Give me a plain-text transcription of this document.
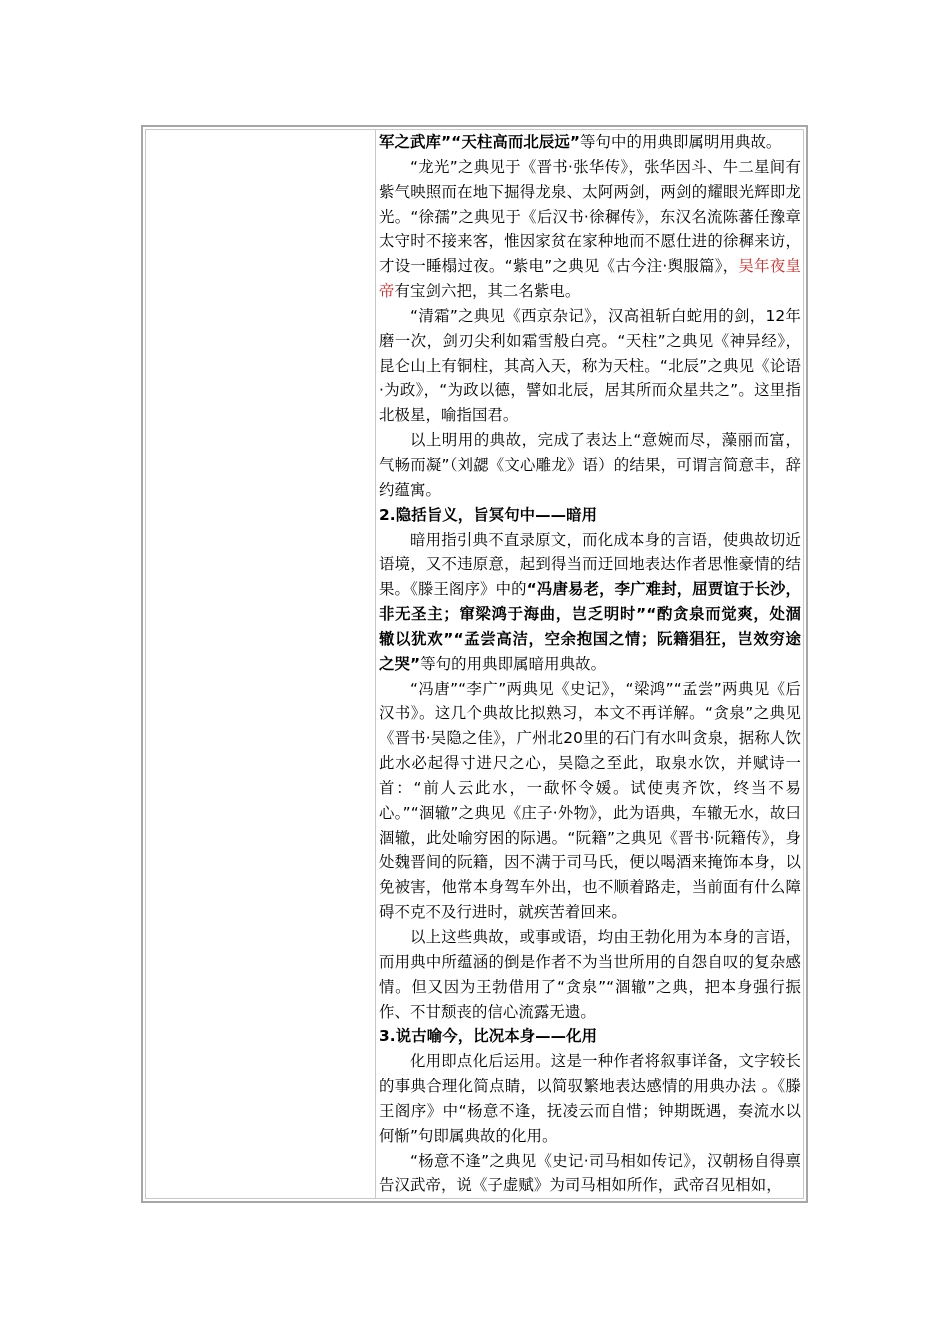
军之武库”“天柱高而北辰远”等句中的用典即属明用典故。

“龙光”之典见于《晋书·张华传》，张华因斗、牛二星间有紫气映照而在地下掘得龙泉、太阿两剑，两剑的耀眼光辉即龙光。“徐孺”之典见于《后汉书·徐穉传》，东汉名流陈蕃任豫章太守时不接来客，惟因家贫在家种地而不愿仕进的徐穉来访，才设一睡榻过夜。“紫电”之典见《古今注·舆服篇》，吴年夜皇帝有宝剑六把，其二名紫电。

“清霜”之典见《西京杂记》，汉高祖斩白蛇用的剑，12年磨一次，剑刃尖利如霜雪般白亮。“天柱”之典见《神异经》，昆仑山上有铜柱，其高入天，称为天柱。“北辰”之典见《论语·为政》，“为政以德，譬如北辰，居其所而众星共之”。这里指北极星，喻指国君。

以上明用的典故，完成了表达上“意婉而尽，藻丽而富，气畅而凝”（刘勰《文心雕龙》语）的结果，可谓言简意丰，辞约蕴寓。

2.隐括旨义，旨冥句中——暗用

暗用指引典不直录原文，而化成本身的言语，使典故切近语境，又不违原意，起到得当而迂回地表达作者思惟豪情的结果。《滕王阁序》中的“冯唐易老，李广难封，屈贾谊于长沙，非无圣主；窜梁鸿于海曲，岂乏明时”“酌贪泉而觉爽，处涸辙以犹欢”“孟尝高洁，空余抱国之情；阮籍猖狂，岂效穷途之哭”等句的用典即属暗用典故。

“冯唐”“李广”两典见《史记》，“梁鸿”“孟尝”两典见《后汉书》。这几个典故比拟熟习，本文不再详解。“贪泉”之典见《晋书·吴隐之佳》，广州北20里的石门有水叫贪泉，据称人饮此水必起得寸进尺之心，吴隐之至此，取泉水饮，并赋诗一首：“前人云此水，一歃怀令媛。试使夷齐饮，终当不易心。”“涸辙”之典见《庄子·外物》，此为语典，车辙无水，故曰涸辙，此处喻穷困的际遇。“阮籍”之典见《晋书·阮籍传》，身处魏晋间的阮籍，因不满于司马氏，便以喝酒来掩饰本身，以免被害，他常本身驾车外出，也不顺着路走，当前面有什么障碍不克不及行进时，就疾苦着回来。

以上这些典故，或事或语，均由王勃化用为本身的言语，而用典中所蕴涵的倒是作者不为当世所用的自怨自叹的复杂感情。但又因为王勃借用了“贪泉”“涸辙”之典，把本身强行振作、不甘颓丧的信心流露无遗。

3.说古喻今，比况本身——化用

化用即点化后运用。这是一种作者将叙事详备，文字较长的事典合理化简点睛，以简驭繁地表达感情的用典办法 。《滕王阁序》中“杨意不逢，抚凌云而自惜；钟期既遇，奏流水以何惭”句即属典故的化用。

“杨意不逢”之典见《史记·司马相如传记》，汉朝杨自得禀告汉武帝，说《子虚赋》为司马相如所作，武帝召见相如，
